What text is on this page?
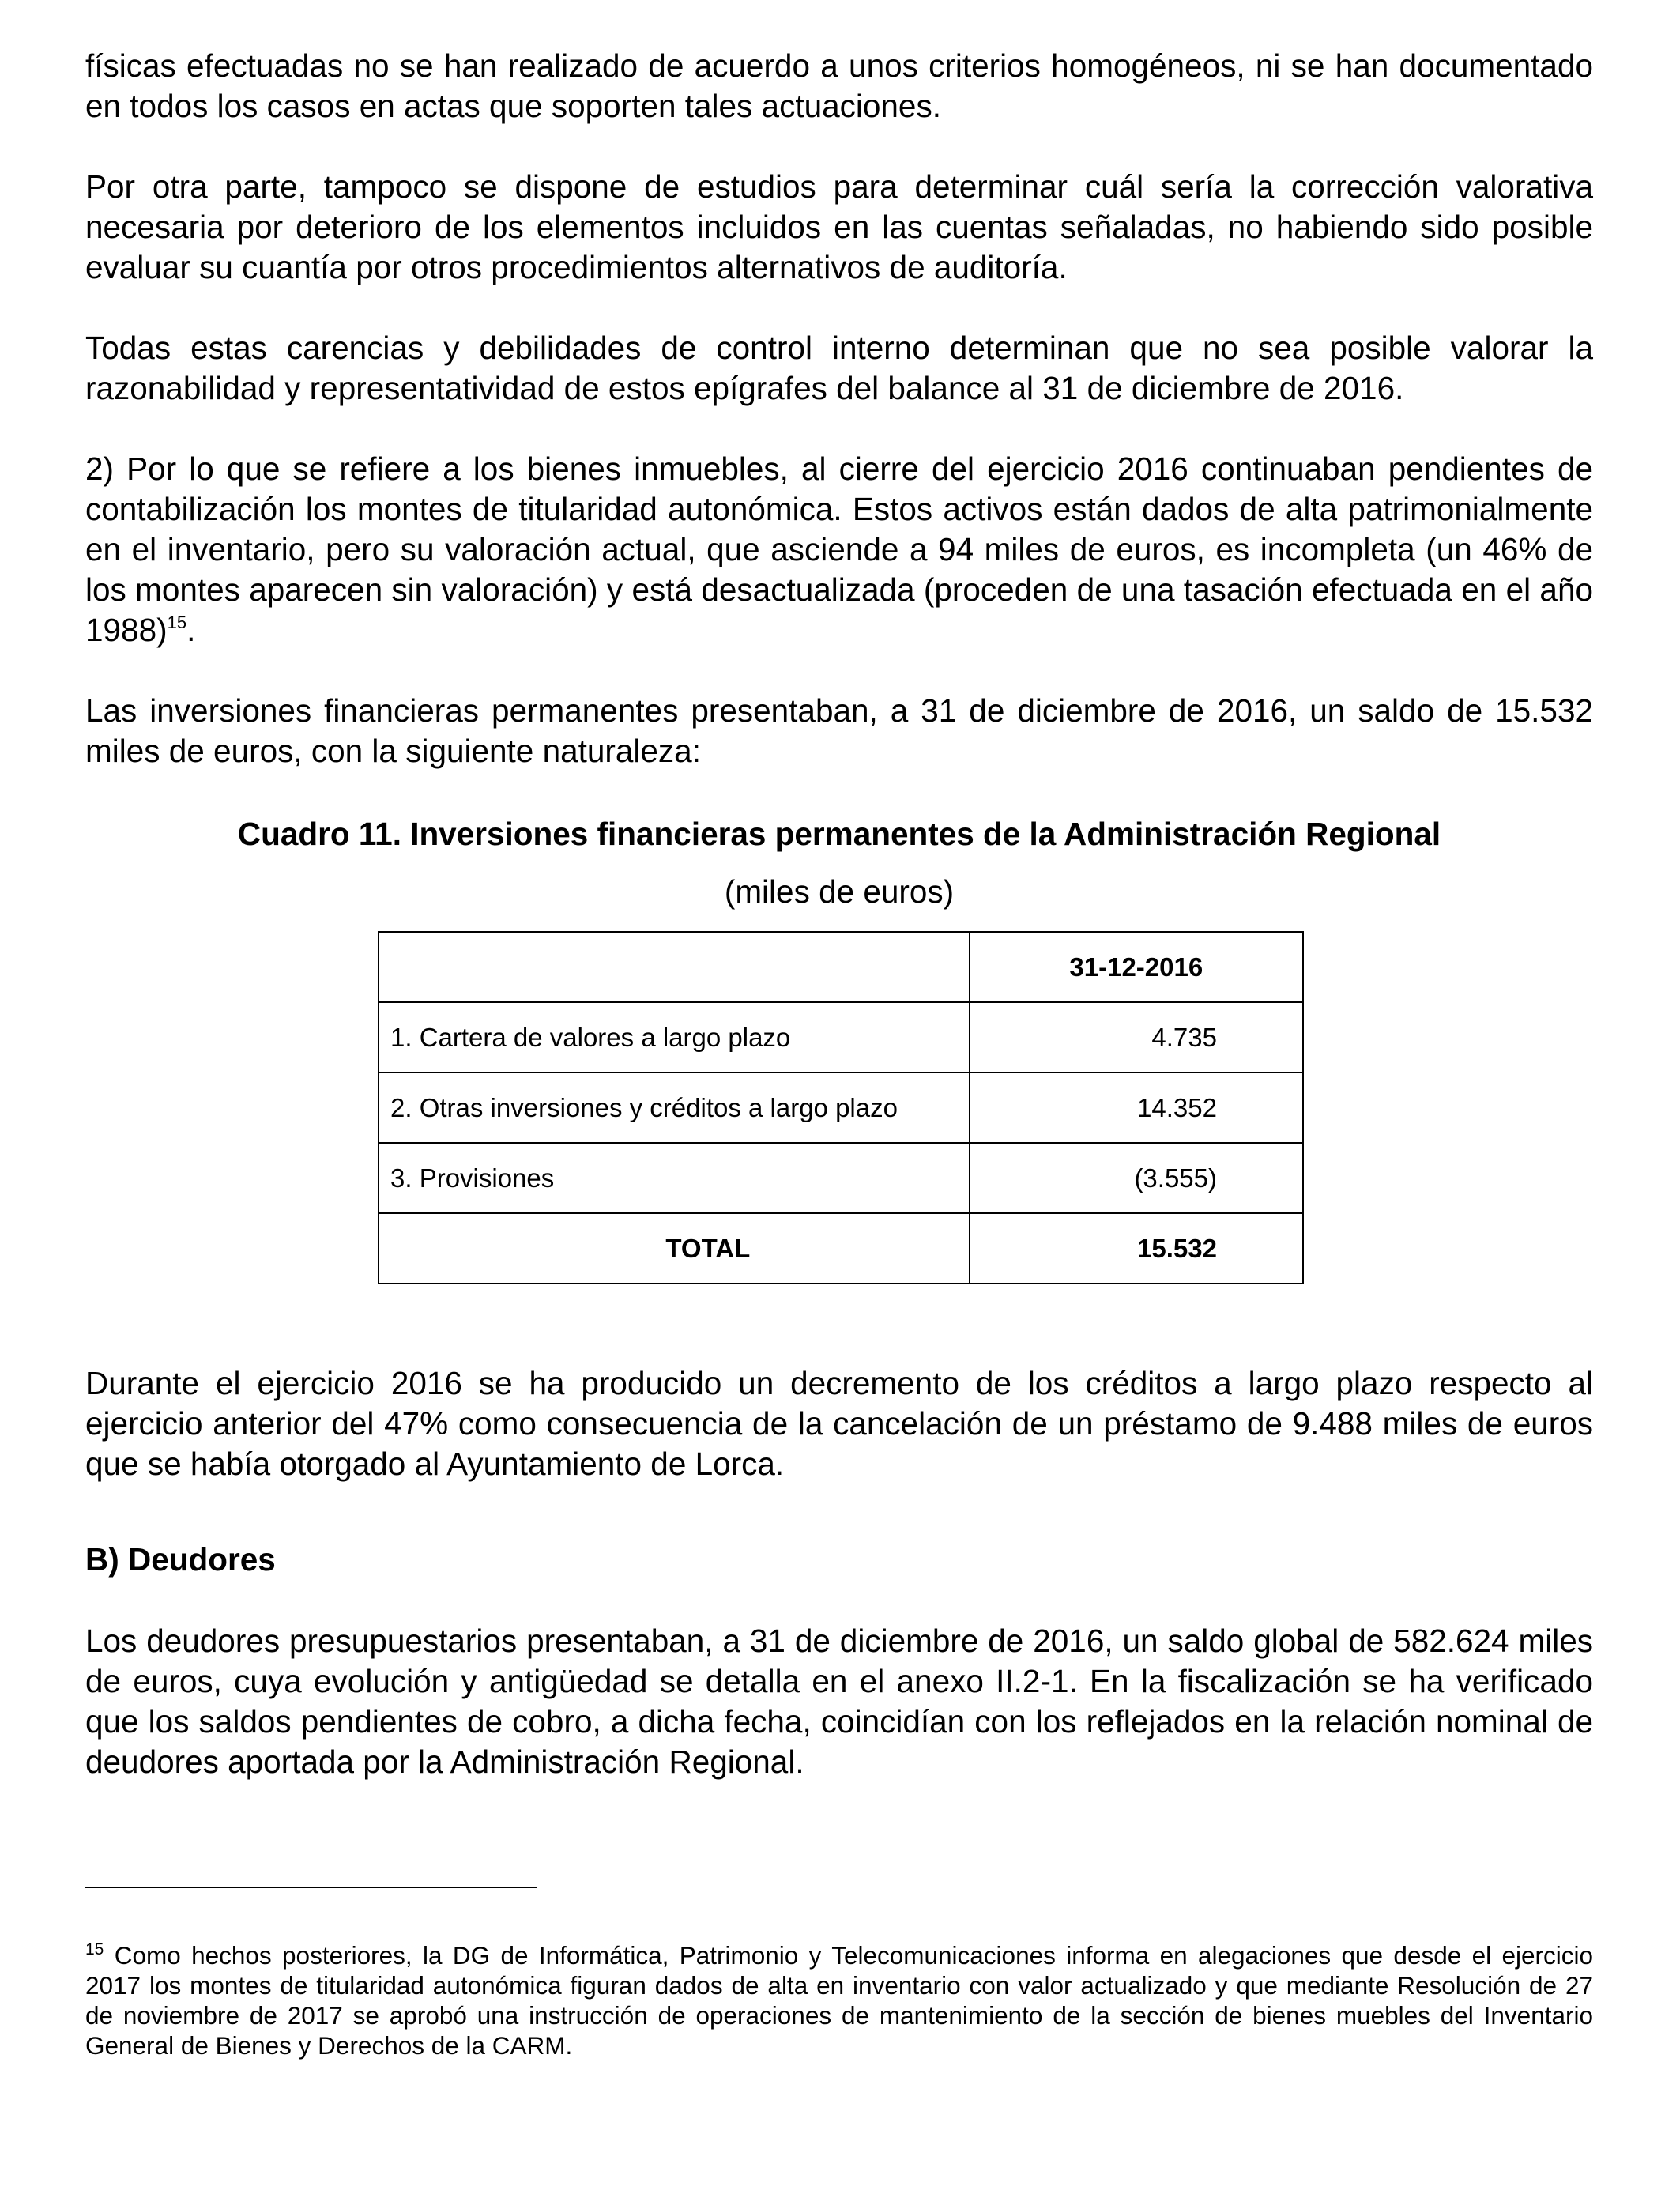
físicas efectuadas no se han realizado de acuerdo a unos criterios homogéneos, ni se han documentado en todos los casos en actas que soporten tales actuaciones.

Por otra parte, tampoco se dispone de estudios para determinar cuál sería la corrección valorativa necesaria por deterioro de los elementos incluidos en las cuentas señaladas, no habiendo sido posible evaluar su cuantía por otros procedimientos alternativos de auditoría.

Todas estas carencias y debilidades de control interno determinan que no sea posible valorar la razonabilidad y representatividad de estos epígrafes del balance al 31 de diciembre de 2016.

2) Por lo que se refiere a los bienes inmuebles, al cierre del ejercicio 2016 continuaban pendientes de contabilización los montes de titularidad autonómica. Estos activos están dados de alta patrimonialmente en el inventario, pero su valoración actual, que asciende a 94 miles de euros, es incompleta (un 46% de los montes aparecen sin valoración) y está desactualizada (proceden de una tasación efectuada en el año 1988)$^{15}$.

Las inversiones financieras permanentes presentaban, a 31 de diciembre de 2016, un saldo de 15.532 miles de euros, con la siguiente naturaleza:

Cuadro 11. Inversiones financieras permanentes de la Administración Regional
(miles de euros)
	31-12-2016
1. Cartera de valores a largo plazo	4.735
2. Otras inversiones y créditos a largo plazo	14.352
3. Provisiones	(3.555)
TOTAL	15.532

Durante el ejercicio 2016 se ha producido un decremento de los créditos a largo plazo respecto al ejercicio anterior del 47% como consecuencia de la cancelación de un préstamo de 9.488 miles de euros que se había otorgado al Ayuntamiento de Lorca.

B) Deudores

Los deudores presupuestarios presentaban, a 31 de diciembre de 2016, un saldo global de 582.624 miles de euros, cuya evolución y antigüedad se detalla en el anexo II.2-1. En la fiscalización se ha verificado que los saldos pendientes de cobro, a dicha fecha, coincidían con los reflejados en la relación nominal de deudores aportada por la Administración Regional.

$^{15}$ Como hechos posteriores, la DG de Informática, Patrimonio y Telecomunicaciones informa en alegaciones que desde el ejercicio 2017 los montes de titularidad autonómica figuran dados de alta en inventario con valor actualizado y que mediante Resolución de 27 de noviembre de 2017 se aprobó una instrucción de operaciones de mantenimiento de la sección de bienes muebles del Inventario General de Bienes y Derechos de la CARM.
